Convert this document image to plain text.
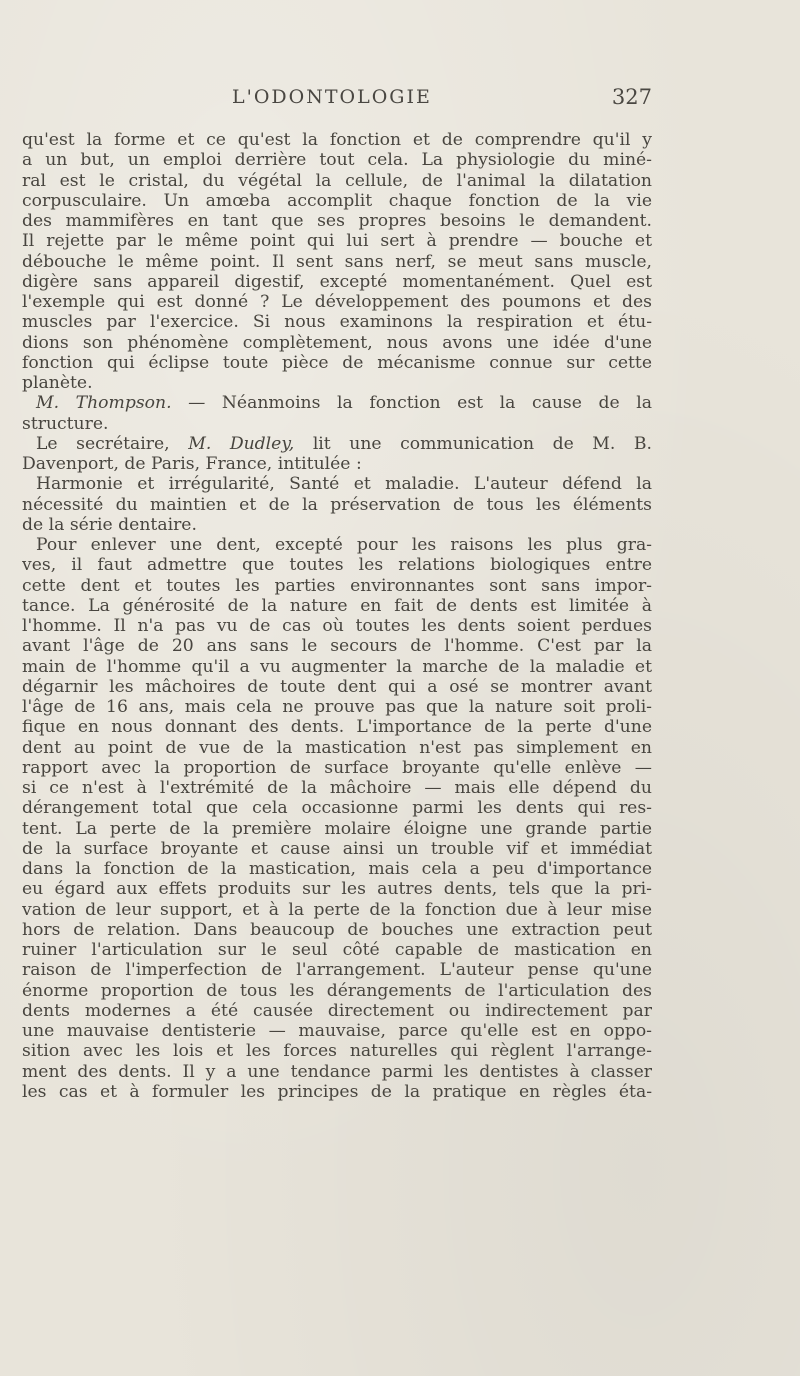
L'ODONTOLOGIE	327
qu'est la forme et ce qu'est la fonction et de comprendre qu'il y
a un but, un emploi derrière tout cela. La physiologie du miné-
ral est le cristal, du végétal la cellule, de l'animal la dilatation
corpusculaire. Un amœba accomplit chaque fonction de la vie
des mammifères en tant que ses propres besoins le demandent.
Il rejette par le même point qui lui sert à prendre — bouche et
débouche le même point. Il sent sans nerf, se meut sans muscle,
digère sans appareil digestif, excepté momentanément. Quel est
l'exemple qui est donné ? Le développement des poumons et des
muscles par l'exercice. Si nous examinons la respiration et étu-
dions son phénomène complètement, nous avons une idée d'une
fonction qui éclipse toute pièce de mécanisme connue sur cette
planète.
M. Thompson. — Néanmoins la fonction est la cause de la
structure.
Le secrétaire, M. Dudley, lit une communication de M. B.
Davenport, de Paris, France, intitulée :
Harmonie et irrégularité, Santé et maladie. L'auteur défend la
nécessité du maintien et de la préservation de tous les éléments
de la série dentaire.
Pour enlever une dent, excepté pour les raisons les plus gra-
ves, il faut admettre que toutes les relations biologiques entre
cette dent et toutes les parties environnantes sont sans impor-
tance. La générosité de la nature en fait de dents est limitée à
l'homme. Il n'a pas vu de cas où toutes les dents soient perdues
avant l'âge de 20 ans sans le secours de l'homme. C'est par la
main de l'homme qu'il a vu augmenter la marche de la maladie et
dégarnir les mâchoires de toute dent qui a osé se montrer avant
l'âge de 16 ans, mais cela ne prouve pas que la nature soit proli-
fique en nous donnant des dents. L'importance de la perte d'une
dent au point de vue de la mastication n'est pas simplement en
rapport avec la proportion de surface broyante qu'elle enlève —
si ce n'est à l'extrémité de la mâchoire — mais elle dépend du
dérangement total que cela occasionne parmi les dents qui res-
tent. La perte de la première molaire éloigne une grande partie
de la surface broyante et cause ainsi un trouble vif et immédiat
dans la fonction de la mastication, mais cela a peu d'importance
eu égard aux effets produits sur les autres dents, tels que la pri-
vation de leur support, et à la perte de la fonction due à leur mise
hors de relation. Dans beaucoup de bouches une extraction peut
ruiner l'articulation sur le seul côté capable de mastication en
raison de l'imperfection de l'arrangement. L'auteur pense qu'une
énorme proportion de tous les dérangements de l'articulation des
dents modernes a été causée directement ou indirectement par
une mauvaise dentisterie — mauvaise, parce qu'elle est en oppo-
sition avec les lois et les forces naturelles qui règlent l'arrange-
ment des dents. Il y a une tendance parmi les dentistes à classer
les cas et à formuler les principes de la pratique en règles éta-
